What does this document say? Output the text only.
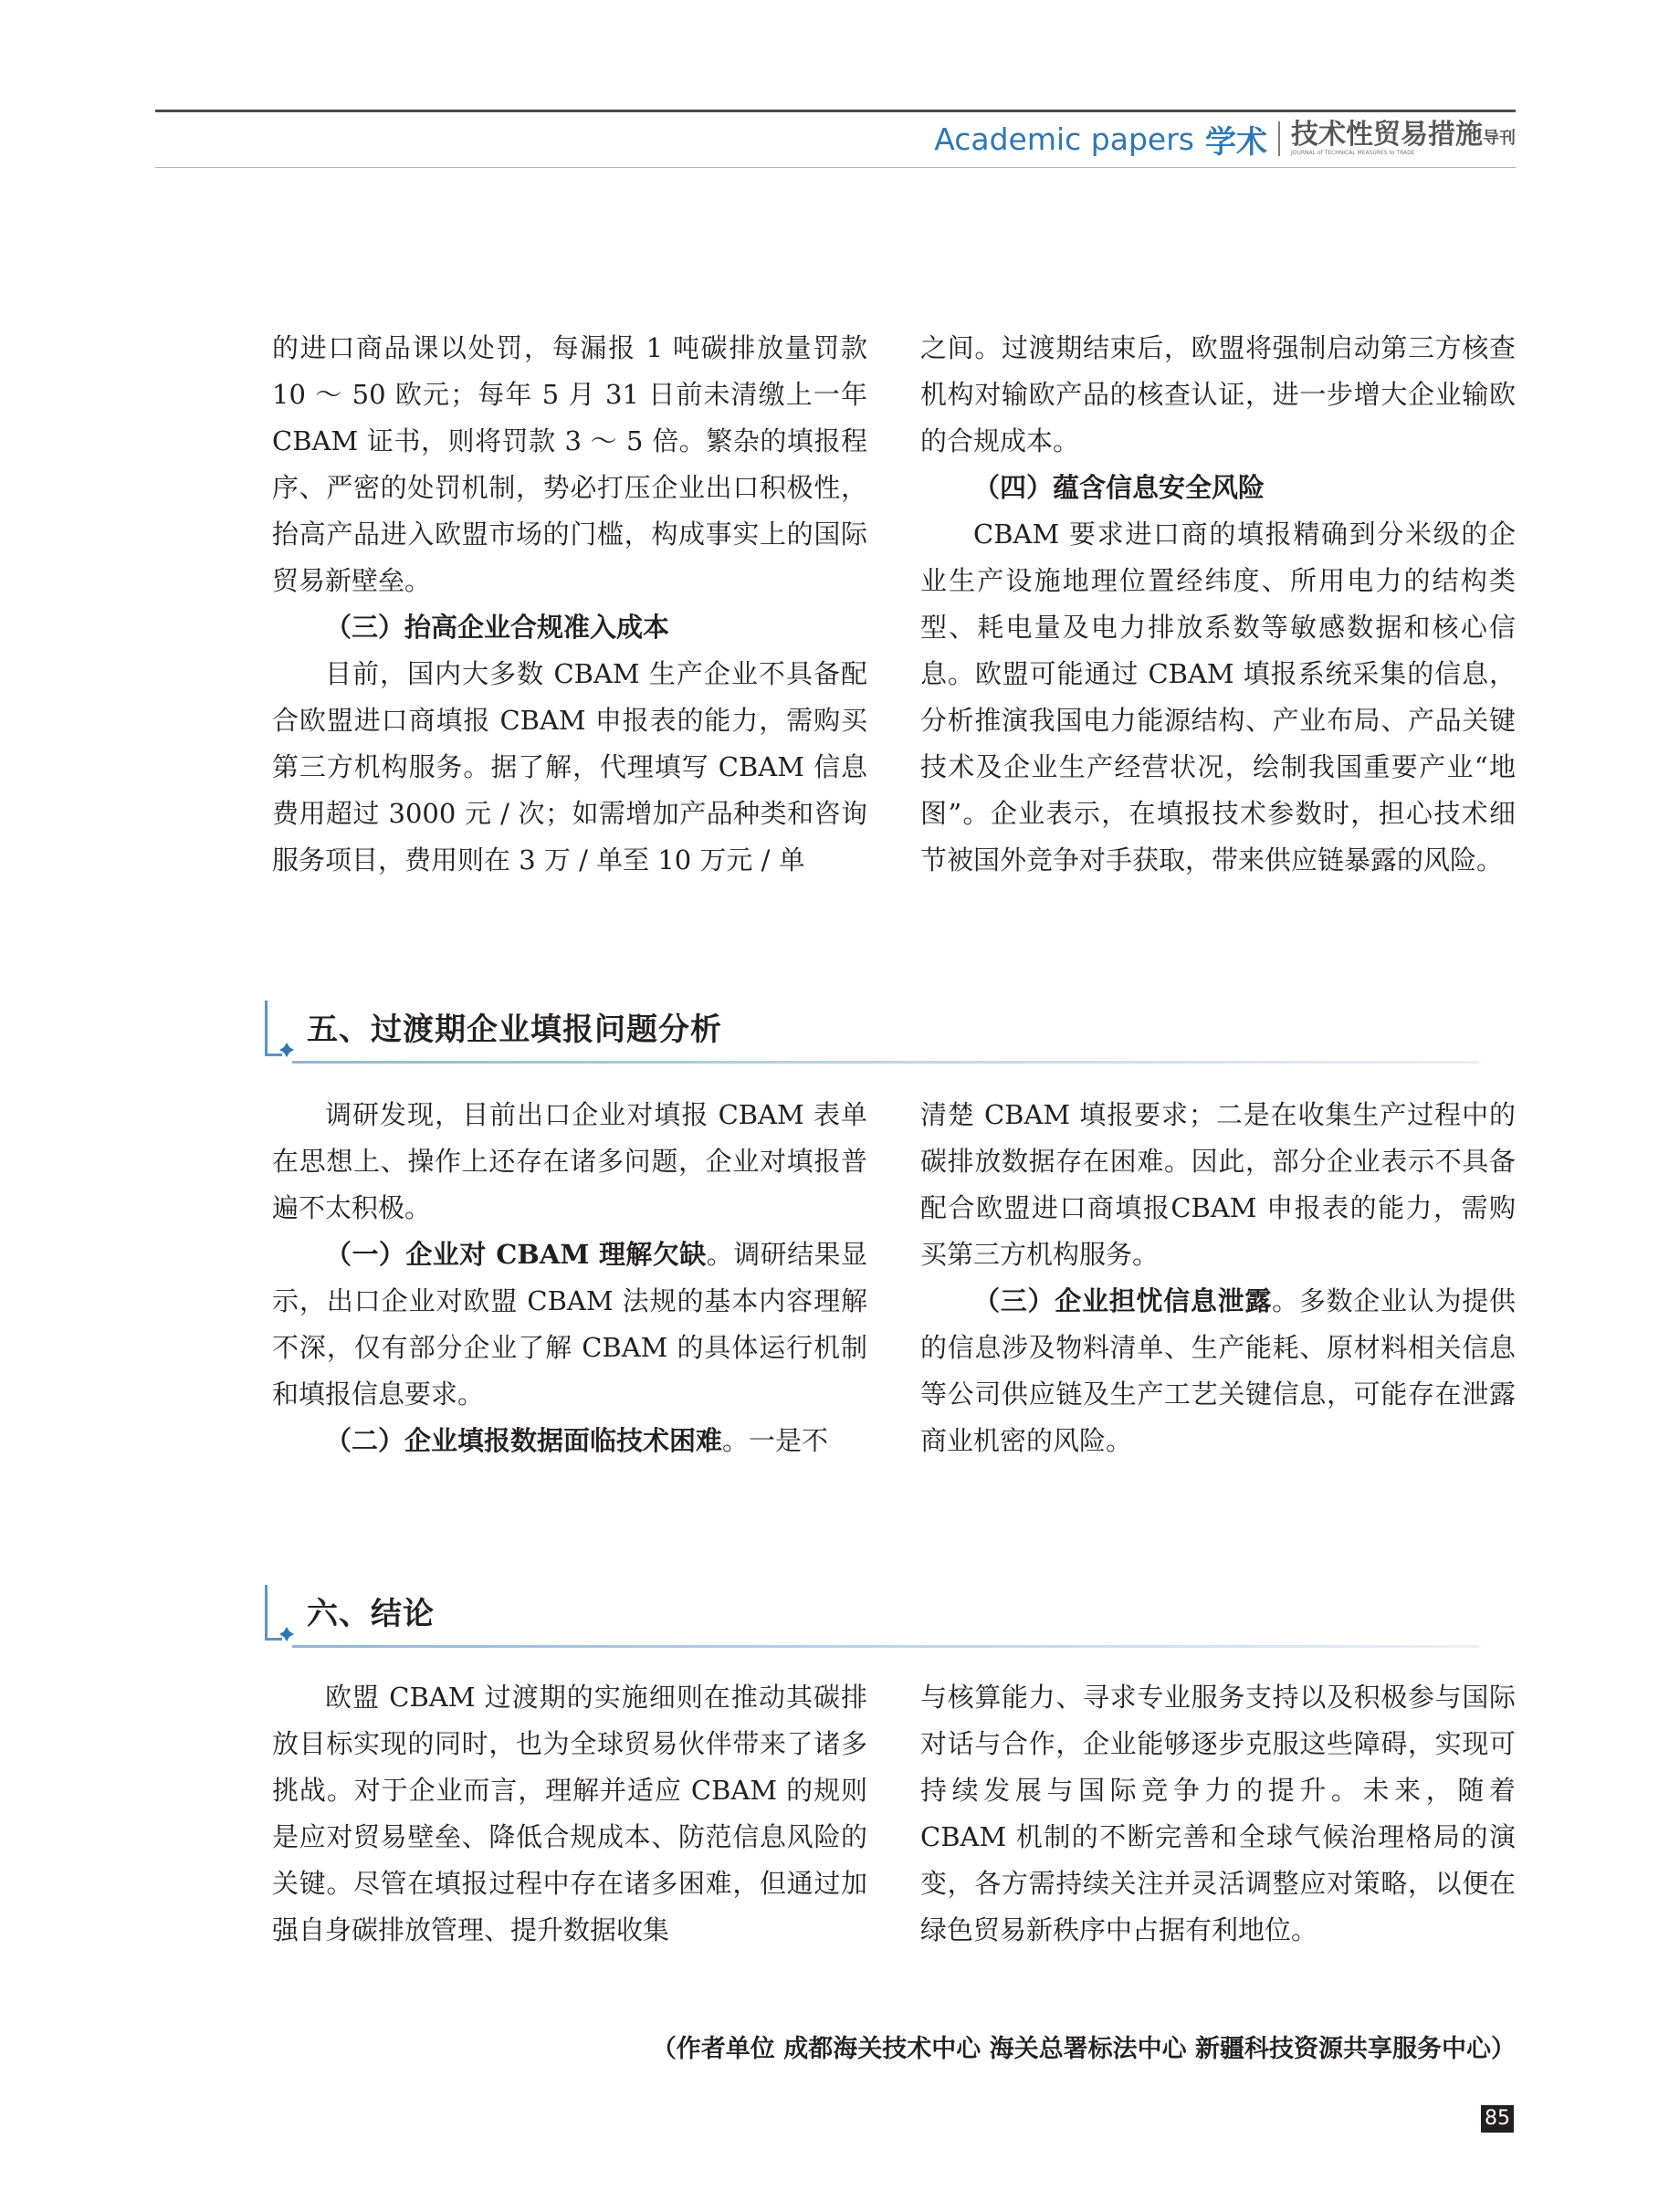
Academic papers 学术 技术性贸易措施导刊
JOURNAL of TECHNICAL MEASURES to TRADE

的进口商品课以处罚，每漏报 1 吨碳排放量罚款 10 ～ 50 欧元；每年 5 月 31 日前未清缴上一年 CBAM 证书，则将罚款 3 ～ 5 倍。繁杂的填报程序、严密的处罚机制，势必打压企业出口积极性，抬高产品进入欧盟市场的门槛，构成事实上的国际贸易新壁垒。

（三）抬高企业合规准入成本

目前，国内大多数 CBAM 生产企业不具备配合欧盟进口商填报 CBAM 申报表的能力，需购买第三方机构服务。据了解，代理填写 CBAM 信息费用超过 3000 元 / 次；如需增加产品种类和咨询服务项目，费用则在 3 万 / 单至 10 万元 / 单

之间。过渡期结束后，欧盟将强制启动第三方核查机构对输欧产品的核查认证，进一步增大企业输欧的合规成本。

（四）蕴含信息安全风险

CBAM 要求进口商的填报精确到分米级的企业生产设施地理位置经纬度、所用电力的结构类型、耗电量及电力排放系数等敏感数据和核心信息。欧盟可能通过 CBAM 填报系统采集的信息，分析推演我国电力能源结构、产业布局、产品关键技术及企业生产经营状况，绘制我国重要产业“地图”。企业表示，在填报技术参数时，担心技术细节被国外竞争对手获取，带来供应链暴露的风险。

五、过渡期企业填报问题分析

调研发现，目前出口企业对填报 CBAM 表单在思想上、操作上还存在诸多问题，企业对填报普遍不太积极。

（一）企业对 CBAM 理解欠缺。调研结果显示，出口企业对欧盟 CBAM 法规的基本内容理解不深，仅有部分企业了解 CBAM 的具体运行机制和填报信息要求。

（二）企业填报数据面临技术困难。一是不

清楚 CBAM 填报要求；二是在收集生产过程中的碳排放数据存在困难。因此，部分企业表示不具备配合欧盟进口商填报CBAM 申报表的能力，需购买第三方机构服务。

（三）企业担忧信息泄露。多数企业认为提供的信息涉及物料清单、生产能耗、原材料相关信息等公司供应链及生产工艺关键信息，可能存在泄露商业机密的风险。

六、结论

欧盟 CBAM 过渡期的实施细则在推动其碳排放目标实现的同时，也为全球贸易伙伴带来了诸多挑战。对于企业而言，理解并适应 CBAM 的规则是应对贸易壁垒、降低合规成本、防范信息风险的关键。尽管在填报过程中存在诸多困难，但通过加强自身碳排放管理、提升数据收集

与核算能力、寻求专业服务支持以及积极参与国际对话与合作，企业能够逐步克服这些障碍，实现可持续发展与国际竞争力的提升。未来，随着 CBAM 机制的不断完善和全球气候治理格局的演变，各方需持续关注并灵活调整应对策略，以便在绿色贸易新秩序中占据有利地位。

（作者单位 成都海关技术中心 海关总署标法中心 新疆科技资源共享服务中心）
85
